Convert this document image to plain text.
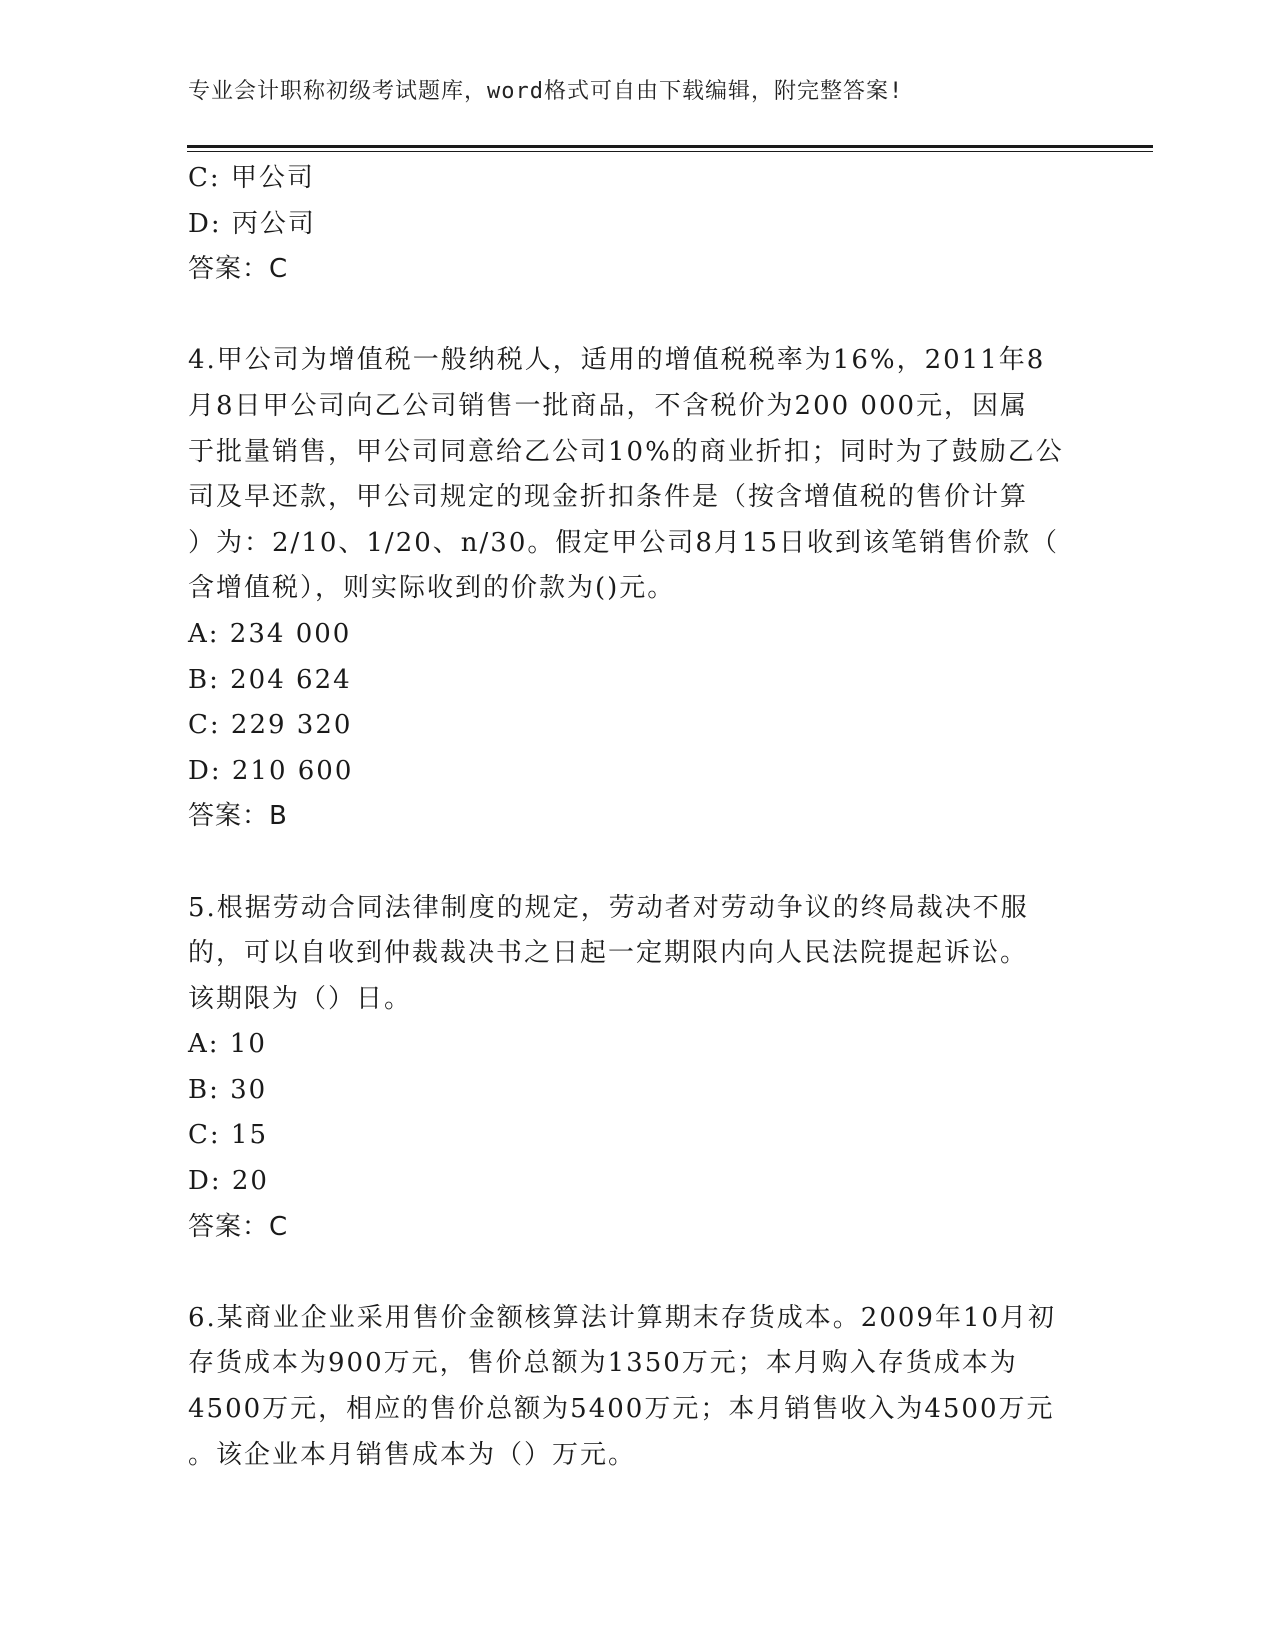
专业会计职称初级考试题库，word格式可自由下载编辑，附完整答案!
C: 甲公司
D: 丙公司
答案：C
4.甲公司为增值税一般纳税人，适用的增值税税率为16%，2011年8
月8日甲公司向乙公司销售一批商品，不含税价为200 000元，因属
于批量销售，甲公司同意给乙公司10%的商业折扣；同时为了鼓励乙公
司及早还款，甲公司规定的现金折扣条件是（按含增值税的售价计算
）为：2/10、1/20、n/30。假定甲公司8月15日收到该笔销售价款（
含增值税），则实际收到的价款为()元。
A: 234 000
B: 204 624
C: 229 320
D: 210 600
答案：B
5.根据劳动合同法律制度的规定，劳动者对劳动争议的终局裁决不服
的，可以自收到仲裁裁决书之日起一定期限内向人民法院提起诉讼。
该期限为（）日。
A: 10
B: 30
C: 15
D: 20
答案：C
6.某商业企业采用售价金额核算法计算期末存货成本。2009年10月初
存货成本为900万元，售价总额为1350万元；本月购入存货成本为
4500万元，相应的售价总额为5400万元；本月销售收入为4500万元
。该企业本月销售成本为（）万元。
